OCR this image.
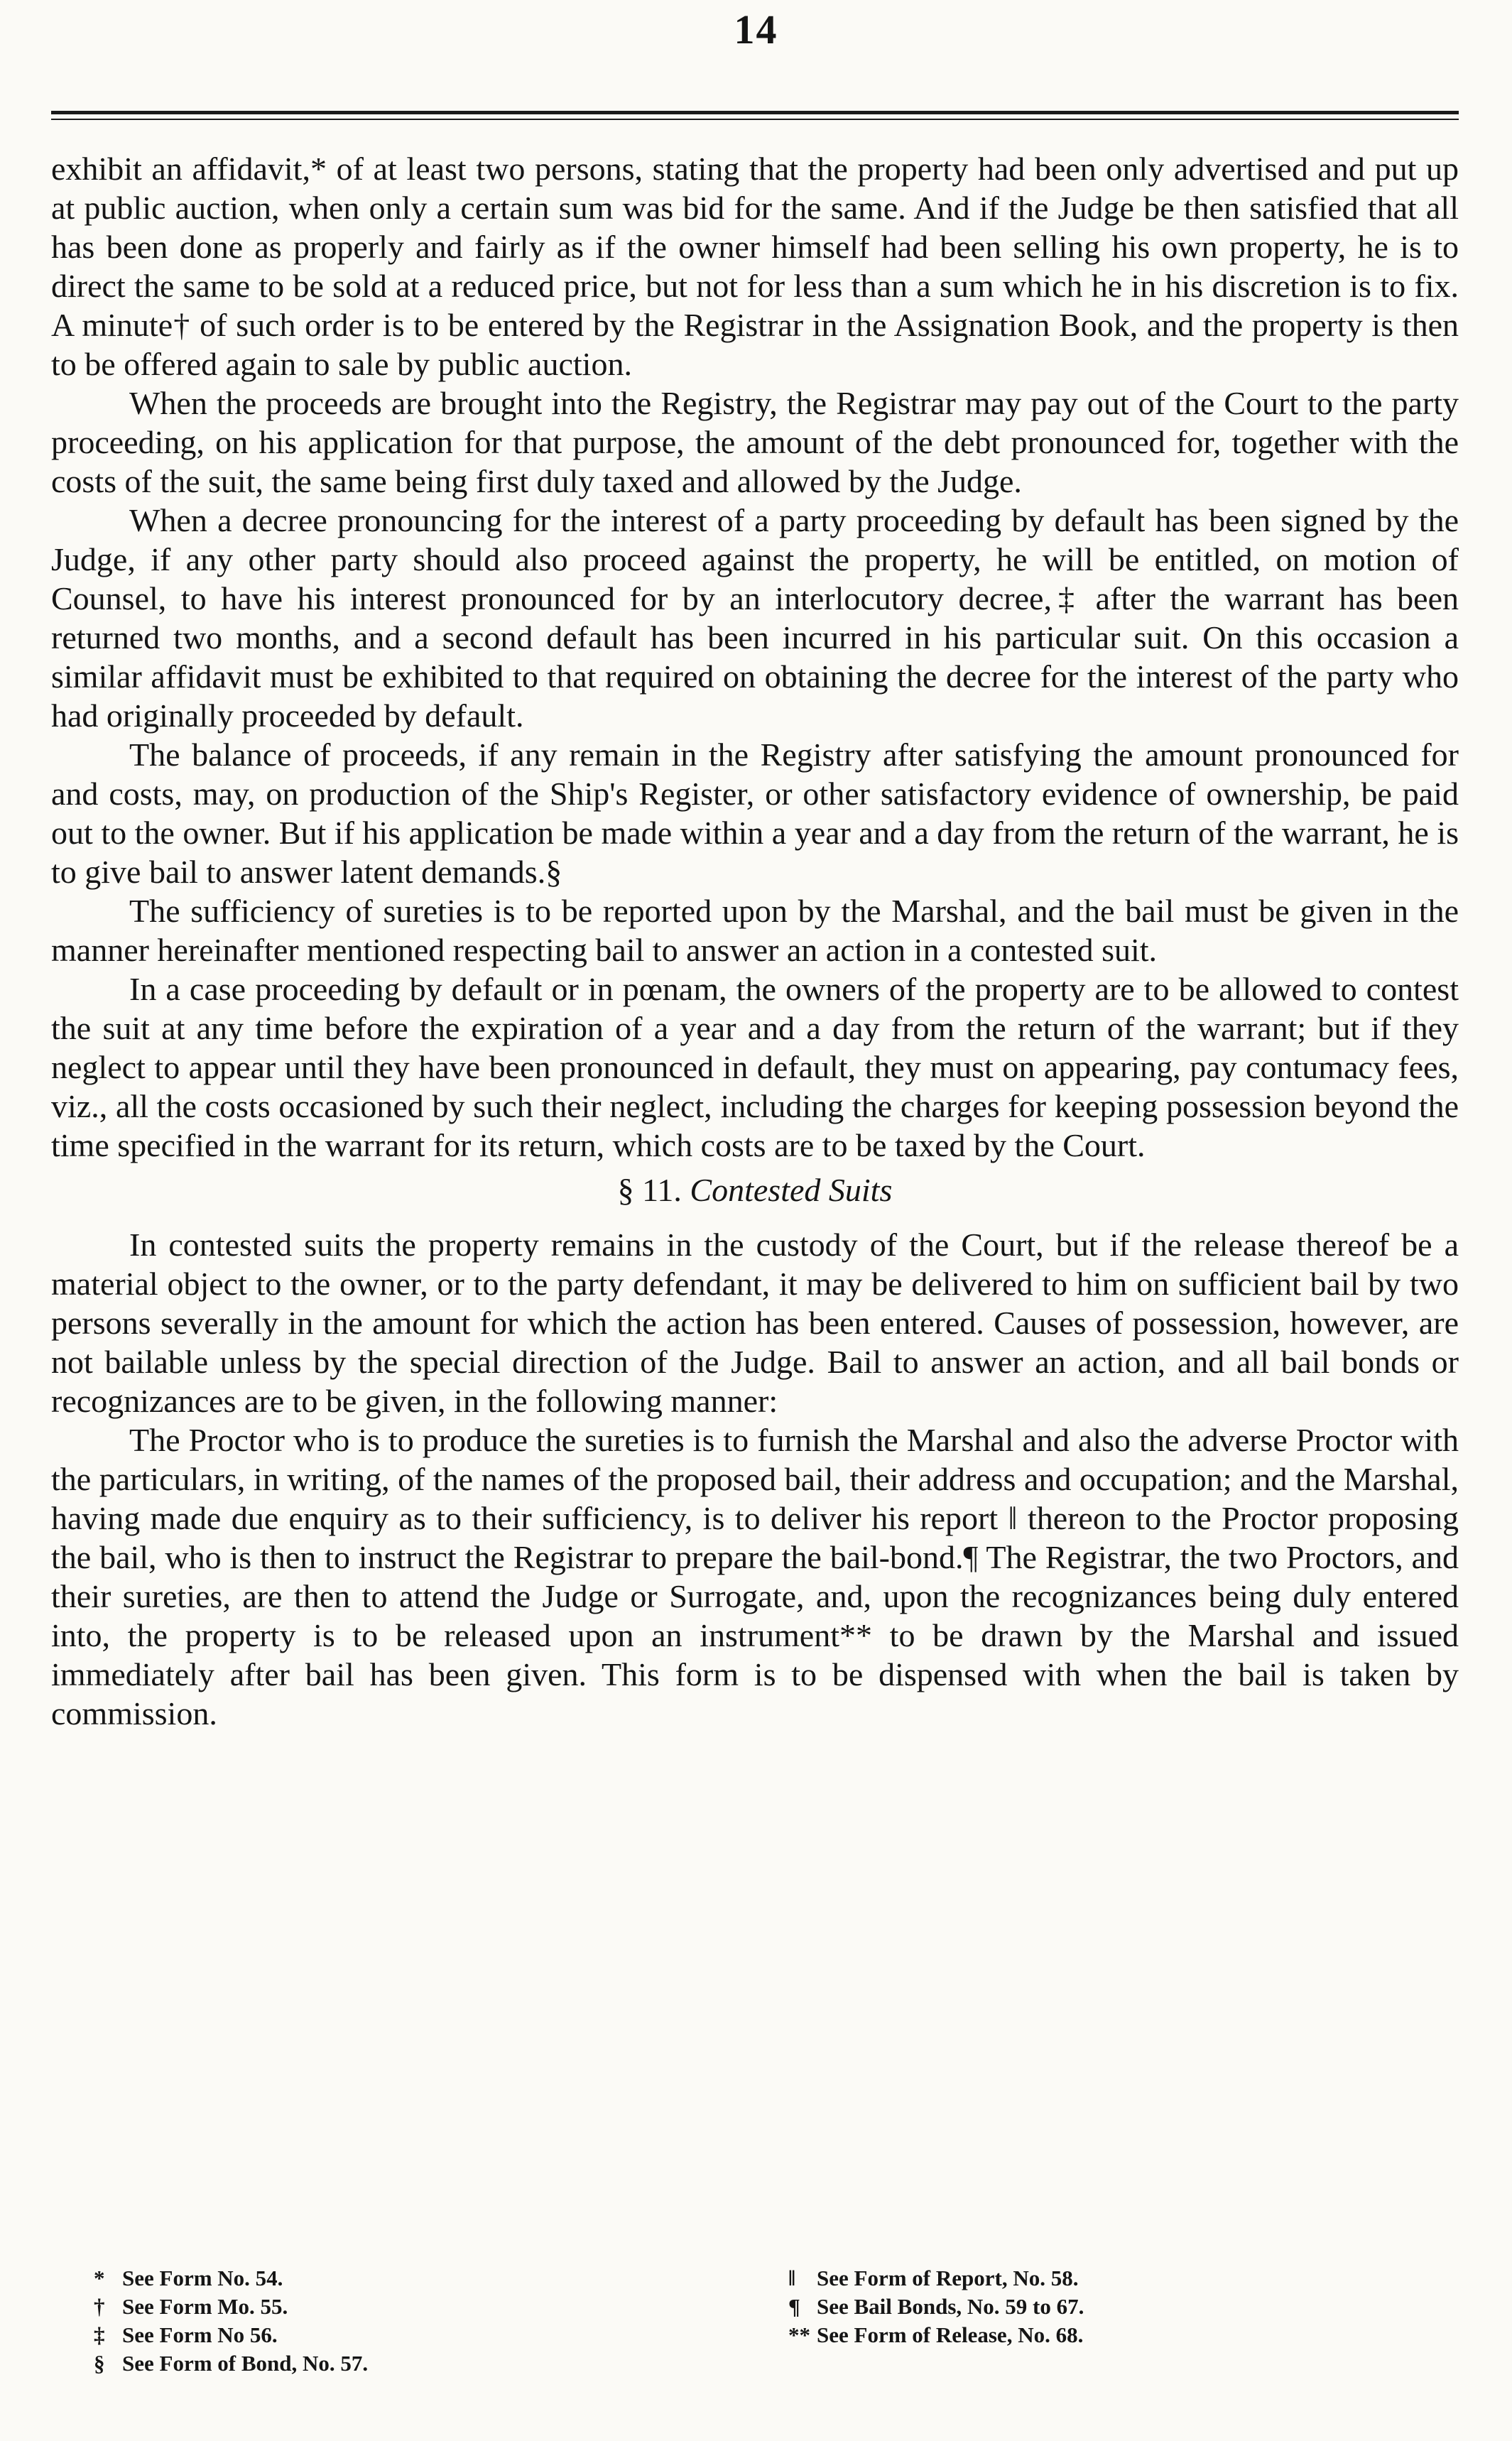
14

exhibit an affidavit,* of at least two persons, stating that the property had been only advertised and put up at public auction, when only a certain sum was bid for the same. And if the Judge be then satisfied that all has been done as properly and fairly as if the owner himself had been selling his own property, he is to direct the same to be sold at a reduced price, but not for less than a sum which he in his discretion is to fix. A minute† of such order is to be entered by the Registrar in the Assignation Book, and the property is then to be offered again to sale by public auction.

When the proceeds are brought into the Registry, the Registrar may pay out of the Court to the party proceeding, on his application for that purpose, the amount of the debt pronounced for, together with the costs of the suit, the same being first duly taxed and allowed by the Judge.

When a decree pronouncing for the interest of a party proceeding by default has been signed by the Judge, if any other party should also proceed against the property, he will be entitled, on motion of Counsel, to have his interest pronounced for by an interlocutory decree,‡ after the warrant has been returned two months, and a second default has been incurred in his particular suit. On this occasion a similar affidavit must be exhibited to that required on obtaining the decree for the interest of the party who had originally proceeded by default.

The balance of proceeds, if any remain in the Registry after satisfying the amount pronounced for and costs, may, on production of the Ship's Register, or other satisfactory evidence of ownership, be paid out to the owner. But if his application be made within a year and a day from the return of the warrant, he is to give bail to answer latent demands.§

The sufficiency of sureties is to be reported upon by the Marshal, and the bail must be given in the manner hereinafter mentioned respecting bail to answer an action in a contested suit.

In a case proceeding by default or in pœnam, the owners of the property are to be allowed to contest the suit at any time before the expiration of a year and a day from the return of the warrant; but if they neglect to appear until they have been pronounced in default, they must on appearing, pay contumacy fees, viz., all the costs occasioned by such their neglect, including the charges for keeping possession beyond the time specified in the warrant for its return, which costs are to be taxed by the Court.

§ 11. Contested Suits

In contested suits the property remains in the custody of the Court, but if the release thereof be a material object to the owner, or to the party defendant, it may be delivered to him on sufficient bail by two persons severally in the amount for which the action has been entered. Causes of possession, however, are not bailable unless by the special direction of the Judge. Bail to answer an action, and all bail bonds or recognizances are to be given, in the following manner:

The Proctor who is to produce the sureties is to furnish the Marshal and also the adverse Proctor with the particulars, in writing, of the names of the proposed bail, their address and occupation; and the Marshal, having made due enquiry as to their sufficiency, is to deliver his report ‖ thereon to the Proctor proposing the bail, who is then to instruct the Registrar to prepare the bail-bond.¶ The Registrar, the two Proctors, and their sureties, are then to attend the Judge or Surrogate, and, upon the recognizances being duly entered into, the property is to be released upon an instrument** to be drawn by the Marshal and issued immediately after bail has been given. This form is to be dispensed with when the bail is taken by commission.

* See Form No. 54.
† See Form Mo. 55.
‡ See Form No 56.
§ See Form of Bond, No. 57.
‖ See Form of Report, No. 58.
¶ See Bail Bonds, No. 59 to 67.
** See Form of Release, No. 68.
